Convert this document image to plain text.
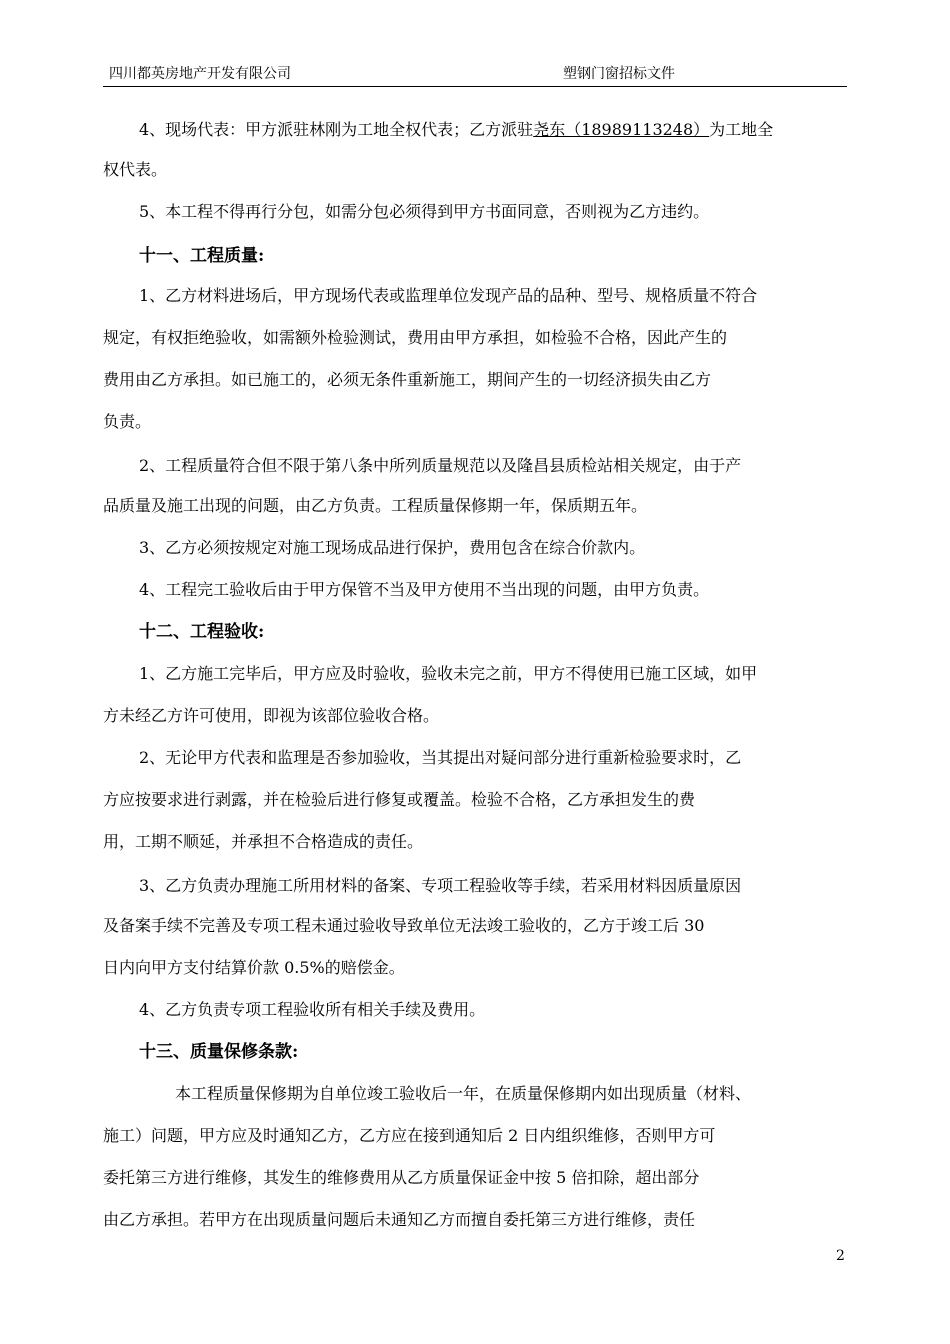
四川都英房地产开发有限公司	塑钢门窗招标文件
4、现场代表：甲方派驻林刚为工地全权代表；乙方派驻尧东（18989113248）为工地全
权代表。
5、本工程不得再行分包，如需分包必须得到甲方书面同意，否则视为乙方违约。
十一、工程质量:
1、乙方材料进场后，甲方现场代表或监理单位发现产品的品种、型号、规格质量不符合
规定，有权拒绝验收，如需额外检验测试，费用由甲方承担，如检验不合格，因此产生的
费用由乙方承担。如已施工的，必须无条件重新施工，期间产生的一切经济损失由乙方
负责。
2、工程质量符合但不限于第八条中所列质量规范以及隆昌县质检站相关规定，由于产
品质量及施工出现的问题，由乙方负责。工程质量保修期一年，保质期五年。
3、乙方必须按规定对施工现场成品进行保护，费用包含在综合价款内。
4、工程完工验收后由于甲方保管不当及甲方使用不当出现的问题，由甲方负责。
十二、工程验收:
1、乙方施工完毕后，甲方应及时验收，验收未完之前，甲方不得使用已施工区域，如甲
方未经乙方许可使用，即视为该部位验收合格。
2、无论甲方代表和监理是否参加验收，当其提出对疑问部分进行重新检验要求时，乙
方应按要求进行剥露，并在检验后进行修复或覆盖。检验不合格，乙方承担发生的费
用，工期不顺延，并承担不合格造成的责任。
3、乙方负责办理施工所用材料的备案、专项工程验收等手续，若采用材料因质量原因
及备案手续不完善及专项工程未通过验收导致单位无法竣工验收的，乙方于竣工后 30
日内向甲方支付结算价款 0.5%的赔偿金。
4、乙方负责专项工程验收所有相关手续及费用。
十三、质量保修条款:
本工程质量保修期为自单位竣工验收后一年，在质量保修期内如出现质量（材料、
施工）问题，甲方应及时通知乙方，乙方应在接到通知后 2 日内组织维修，否则甲方可
委托第三方进行维修，其发生的维修费用从乙方质量保证金中按 5 倍扣除，超出部分
由乙方承担。若甲方在出现质量问题后未通知乙方而擅自委托第三方进行维修，责任
2
